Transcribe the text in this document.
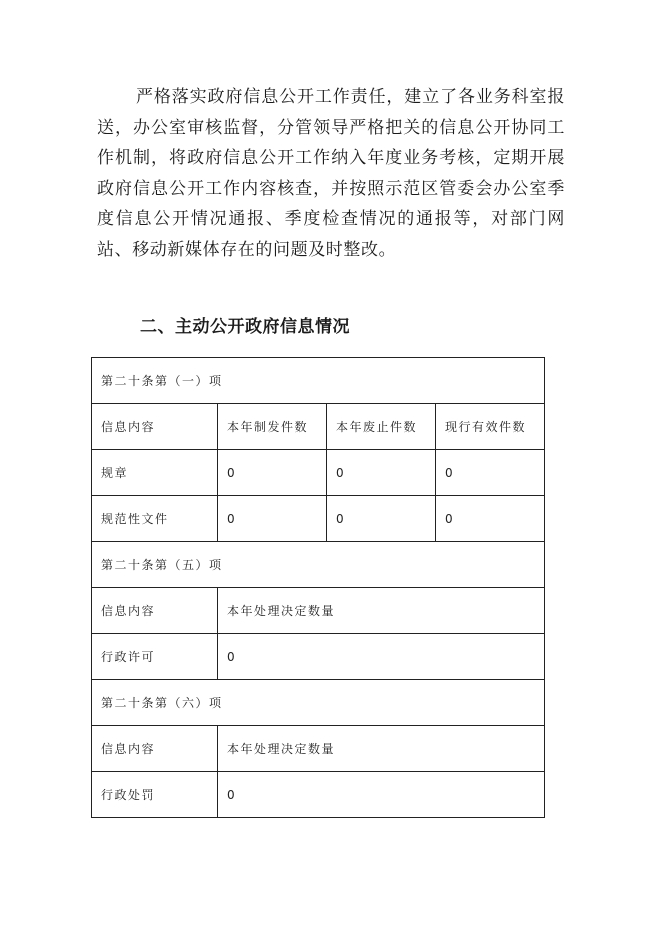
严格落实政府信息公开工作责任，建立了各业务科室报送，办公室审核监督，分管领导严格把关的信息公开协同工作机制，将政府信息公开工作纳入年度业务考核，定期开展政府信息公开工作内容核查，并按照示范区管委会办公室季度信息公开情况通报、季度检查情况的通报等，对部门网站、移动新媒体存在的问题及时整改。

二、主动公开政府信息情况
第二十条第（一）项			
信息内容	本年制发件数	本年废止件数	现行有效件数
规章	0	0	0
规范性文件	0	0	0
第二十条第（五）项			
信息内容	本年处理决定数量		
行政许可	0		
第二十条第（六）项			
信息内容	本年处理决定数量		
行政处罚	0		
